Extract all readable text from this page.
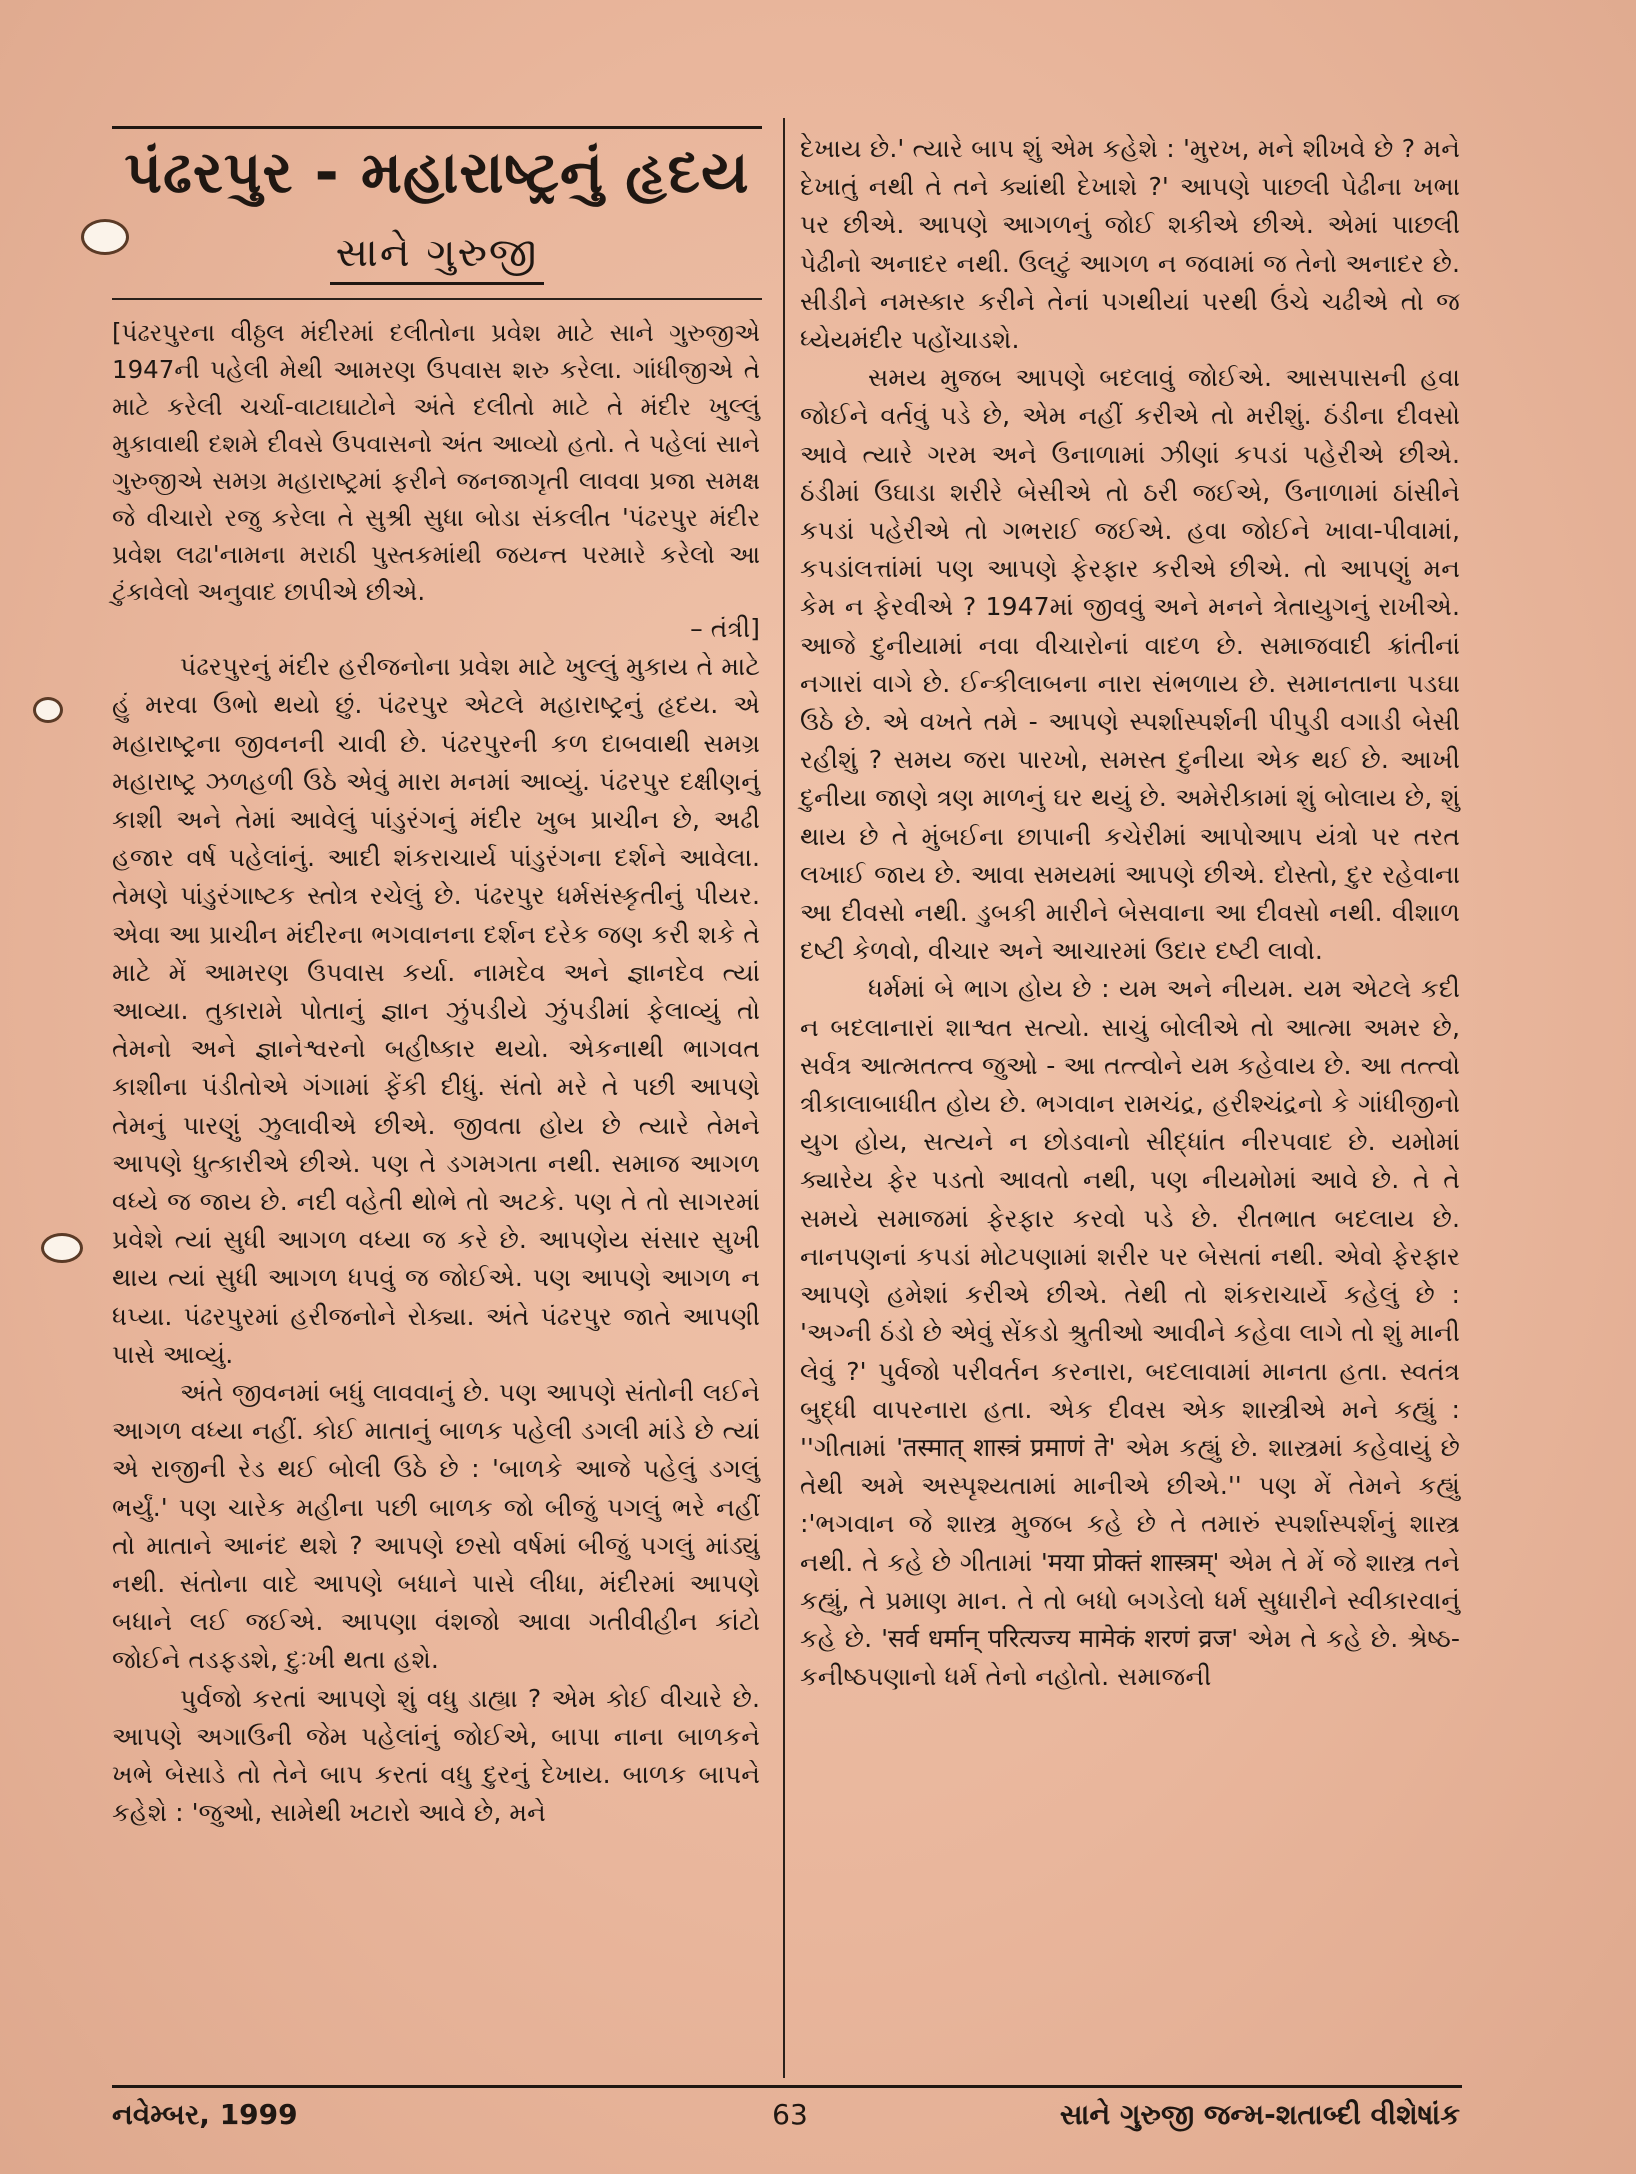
પંઢરપુર - મહારાષ્ટ્રનું હૃદય
સાને ગુરુજી

[પંઢરપુરના વીઠ્ઠલ મંદીરમાં દલીતોના પ્રવેશ માટે સાને ગુરુજીએ 1947ની પહેલી મેથી આમરણ ઉપવાસ શરુ કરેલા. ગાંધીજીએ તે માટે કરેલી ચર્ચા-વાટાઘાટોને અંતે દલીતો માટે તે મંદીર ખુલ્લું મુકાવાથી દશમે દીવસે ઉપવાસનો અંત આવ્યો હતો. તે પહેલાં સાને ગુરુજીએ સમગ્ર મહારાષ્ટ્રમાં ફરીને જનજાગૃતી લાવવા પ્રજા સમક્ષ જે વીચારો રજુ કરેલા તે સુશ્રી સુધા બોડા સંકલીત 'પંઢરપુર મંદીર પ્રવેશ લઢા'નામના મરાઠી પુસ્તકમાંથી જયન્ત પરમારે કરેલો આ ટુંકાવેલો અનુવાદ છાપીએ છીએ.

– તંત્રી]

પંઢરપુરનું મંદીર હરીજનોના પ્રવેશ માટે ખુલ્લું મુકાય તે માટે હું મરવા ઉભો થયો છું. પંઢરપુર એટલે મહારાષ્ટ્રનું હૃદય. એ મહારાષ્ટ્રના જીવનની ચાવી છે. પંઢરપુરની કળ દાબવાથી સમગ્ર મહારાષ્ટ્ર ઝળહળી ઉઠે એવું મારા મનમાં આવ્યું. પંઢરપુર દક્ષીણનું કાશી અને તેમાં આવેલું પાંડુરંગનું મંદીર ખુબ પ્રાચીન છે, અઢી હજાર વર્ષ પહેલાંનું. આદી શંકરાચાર્ય પાંડુરંગના દર્શને આવેલા. તેમણે પાંડુરંગાષ્ટક સ્તોત્ર રચેલું છે. પંઢરપુર ધર્મસંસ્કૃતીનું પીયર. એવા આ પ્રાચીન મંદીરના ભગવાનના દર્શન દરેક જણ કરી શકે તે માટે મેં આમરણ ઉપવાસ કર્યા. નામદેવ અને જ્ઞાનદેવ ત્યાં આવ્યા. તુકારામે પોતાનું જ્ઞાન ઝુંપડીયે ઝુંપડીમાં ફેલાવ્યું તો તેમનો અને જ્ઞાનેશ્વરનો બહીષ્કાર થયો. એકનાથી ભાગવત કાશીના પંડીતોએ ગંગામાં ફેંકી દીધું. સંતો મરે તે પછી આપણે તેમનું પારણું ઝુલાવીએ છીએ. જીવતા હોય છે ત્યારે તેમને આપણે ધુત્કારીએ છીએ. પણ તે ડગમગતા નથી. સમાજ આગળ વધ્યે જ જાય છે. નદી વહેતી થોભે તો અટકે. પણ તે તો સાગરમાં પ્રવેશે ત્યાં સુધી આગળ વધ્યા જ કરે છે. આપણેય સંસાર સુખી થાય ત્યાં સુધી આગળ ધપવું જ જોઈએ. પણ આપણે આગળ ન ધપ્યા. પંઢરપુરમાં હરીજનોને રોક્યા. અંતે પંઢરપુર જાતે આપણી પાસે આવ્યું.

અંતે જીવનમાં બધું લાવવાનું છે. પણ આપણે સંતોની લઈને આગળ વધ્યા નહીં. કોઈ માતાનું બાળક પહેલી ડગલી માંડે છે ત્યાં એ રાજીની રેડ થઈ બોલી ઉઠે છે : 'બાળકે આજે પહેલું ડગલું ભર્યું.' પણ ચારેક મહીના પછી બાળક જો બીજું પગલું ભરે નહીં તો માતાને આનંદ થશે ? આપણે છસો વર્ષમાં બીજું પગલું માંડ્યું નથી. સંતોના વાદે આપણે બધાને પાસે લીધા, મંદીરમાં આપણે બધાને લઈ જઈએ. આપણા વંશજો આવા ગતીવીહીન કાંટો જોઈને તડફડશે, દુઃખી થતા હશે.

પુર્વજો કરતાં આપણે શું વધુ ડાહ્યા ? એમ કોઈ વીચારે છે. આપણે અગાઉની જેમ પહેલાંનું જોઈએ, બાપા નાના બાળકને ખભે બેસાડે તો તેને બાપ કરતાં વધુ દુરનું દેખાય. બાળક બાપને કહેશે : 'જુઓ, સામેથી ખટારો આવે છે, મને

દેખાય છે.' ત્યારે બાપ શું એમ કહેશે : 'મુરખ, મને શીખવે છે ? મને દેખાતું નથી તે તને ક્યાંથી દેખાશે ?' આપણે પાછલી પેઢીના ખભા પર છીએ. આપણે આગળનું જોઈ શકીએ છીએ. એમાં પાછલી પેઢીનો અનાદર નથી. ઉલટું આગળ ન જવામાં જ તેનો અનાદર છે. સીડીને નમસ્કાર કરીને તેનાં પગથીયાં પરથી ઉંચે ચઢીએ તો જ ધ્યેયમંદીર પહોંચાડશે.

સમય મુજબ આપણે બદલાવું જોઈએ. આસપાસની હવા જોઈને વર્તવું પડે છે, એમ નહીં કરીએ તો મરીશું. ઠંડીના દીવસો આવે ત્યારે ગરમ અને ઉનાળામાં ઝીણાં કપડાં પહેરીએ છીએ. ઠંડીમાં ઉઘાડા શરીરે બેસીએ તો ઠરી જઈએ, ઉનાળામાં ઠાંસીને કપડાં પહેરીએ તો ગભરાઈ જઈએ. હવા જોઈને ખાવા-પીવામાં, કપડાંલત્તાંમાં પણ આપણે ફેરફાર કરીએ છીએ. તો આપણું મન કેમ ન ફેરવીએ ? 1947માં જીવવું અને મનને ત્રેતાયુગનું રાખીએ. આજે દુનીયામાં નવા વીચારોનાં વાદળ છે. સમાજવાદી ક્રાંતીનાં નગારાં વાગે છે. ઈન્કીલાબના નારા સંભળાય છે. સમાનતાના પડઘા ઉઠે છે. એ વખતે તમે - આપણે સ્પર્શાસ્પર્શની પીપુડી વગાડી બેસી રહીશું ? સમય જરા પારખો, સમસ્ત દુનીયા એક થઈ છે. આખી દુનીયા જાણે ત્રણ માળનું ઘર થયું છે. અમેરીકામાં શું બોલાય છે, શું થાય છે તે મુંબઈના છાપાની કચેરીમાં આપોઆપ યંત્રો પર તરત લખાઈ જાય છે. આવા સમયમાં આપણે છીએ. દોસ્તો, દુર રહેવાના આ દીવસો નથી. ડુબકી મારીને બેસવાના આ દીવસો નથી. વીશાળ દષ્ટી કેળવો, વીચાર અને આચારમાં ઉદાર દષ્ટી લાવો.

ધર્મમાં બે ભાગ હોય છે : યમ અને નીયમ. યમ એટલે કદી ન બદલાનારાં શાશ્વત સત્યો. સાચું બોલીએ તો આત્મા અમર છે, સર્વત્ર આત્મતત્ત્વ જુઓ - આ તત્ત્વોને યમ કહેવાય છે. આ તત્ત્વો ત્રીકાલાબાધીત હોય છે. ભગવાન રામચંદ્ર, હરીશ્ચંદ્રનો કે ગાંધીજીનો યુગ હોય, સત્યને ન છોડવાનો સીદ્ધાંત નીરપવાદ છે. યમોમાં ક્યારેય ફેર પડતો આવતો નથી, પણ નીયમોમાં આવે છે. તે તે સમયે સમાજમાં ફેરફાર કરવો પડે છે. રીતભાત બદલાય છે. નાનપણનાં કપડાં મોટપણામાં શરીર પર બેસતાં નથી. એવો ફેરફાર આપણે હમેશાં કરીએ છીએ. તેથી તો શંકરાચાર્યે કહેલું છે : 'અગ્ની ઠંડો છે એવું સેંકડો શ્રુતીઓ આવીને કહેવા લાગે તો શું માની લેવું ?' પુર્વજો પરીવર્તન કરનારા, બદલાવામાં માનતા હતા. સ્વતંત્ર બુદ્ધી વાપરનારા હતા. એક દીવસ એક શાસ્ત્રીએ મને કહ્યું : ''ગીતામાં 'तस्मात् शास्त्रं प्रमाणं ते' એમ કહ્યું છે. શાસ્ત્રમાં કહેવાયું છે તેથી અમે અસ્પૃશ્યતામાં માનીએ છીએ.'' પણ મેં તેમને કહ્યું :'ભગવાન જે શાસ્ત્ર મુજબ કહે છે તે તમારું સ્પર્શાસ્પર્શનું શાસ્ત્ર નથી. તે કહે છે ગીતામાં 'मया प्रोक्तं शास्त्रम्' એમ તે મેં જે શાસ્ત્ર તને કહ્યું, તે પ્રમાણ માન. તે તો બધો બગડેલો ધર્મ સુધારીને સ્વીકારવાનું કહે છે. 'सर्व धर्मान् परित्यज्य मामेकं शरणं व्रज' એમ તે કહે છે. શ્રેષ્ઠ-કનીષ્ઠપણાનો ધર્મ તેનો નહોતો. સમાજની

નવેમ્બર, 1999	63	સાને ગુરુજી જન્મ-શતાબ્દી વીશેષાંક
